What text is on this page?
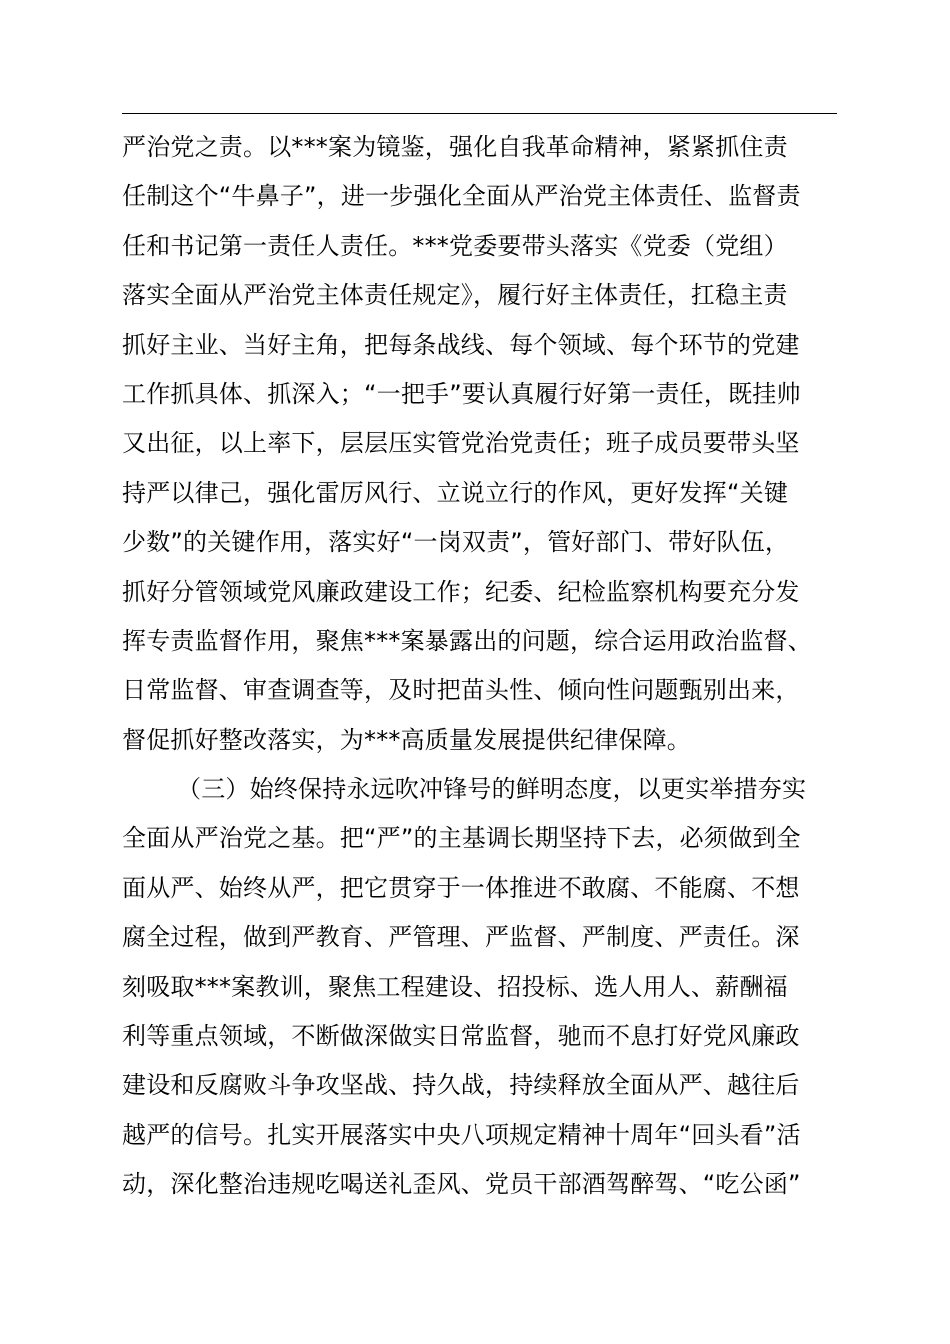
严治党之责。以***案为镜鉴，强化自我革命精神，紧紧抓住责
任制这个“牛鼻子”，进一步强化全面从严治党主体责任、监督责
任和书记第一责任人责任。***党委要带头落实《党委（党组）
落实全面从严治党主体责任规定》，履行好主体责任，扛稳主责
抓好主业、当好主角，把每条战线、每个领域、每个环节的党建
工作抓具体、抓深入；“一把手”要认真履行好第一责任，既挂帅
又出征，以上率下，层层压实管党治党责任；班子成员要带头坚
持严以律己，强化雷厉风行、立说立行的作风，更好发挥“关键
少数”的关键作用，落实好“一岗双责”，管好部门、带好队伍，
抓好分管领域党风廉政建设工作；纪委、纪检监察机构要充分发
挥专责监督作用，聚焦***案暴露出的问题，综合运用政治监督、
日常监督、审查调查等，及时把苗头性、倾向性问题甄别出来，
督促抓好整改落实，为***高质量发展提供纪律保障。
（三）始终保持永远吹冲锋号的鲜明态度，以更实举措夯实
全面从严治党之基。把“严”的主基调长期坚持下去，必须做到全
面从严、始终从严，把它贯穿于一体推进不敢腐、不能腐、不想
腐全过程，做到严教育、严管理、严监督、严制度、严责任。深
刻吸取***案教训，聚焦工程建设、招投标、选人用人、薪酬福
利等重点领域，不断做深做实日常监督，驰而不息打好党风廉政
建设和反腐败斗争攻坚战、持久战，持续释放全面从严、越往后
越严的信号。扎实开展落实中央八项规定精神十周年“回头看”活
动，深化整治违规吃喝送礼歪风、党员干部酒驾醉驾、“吃公函”
